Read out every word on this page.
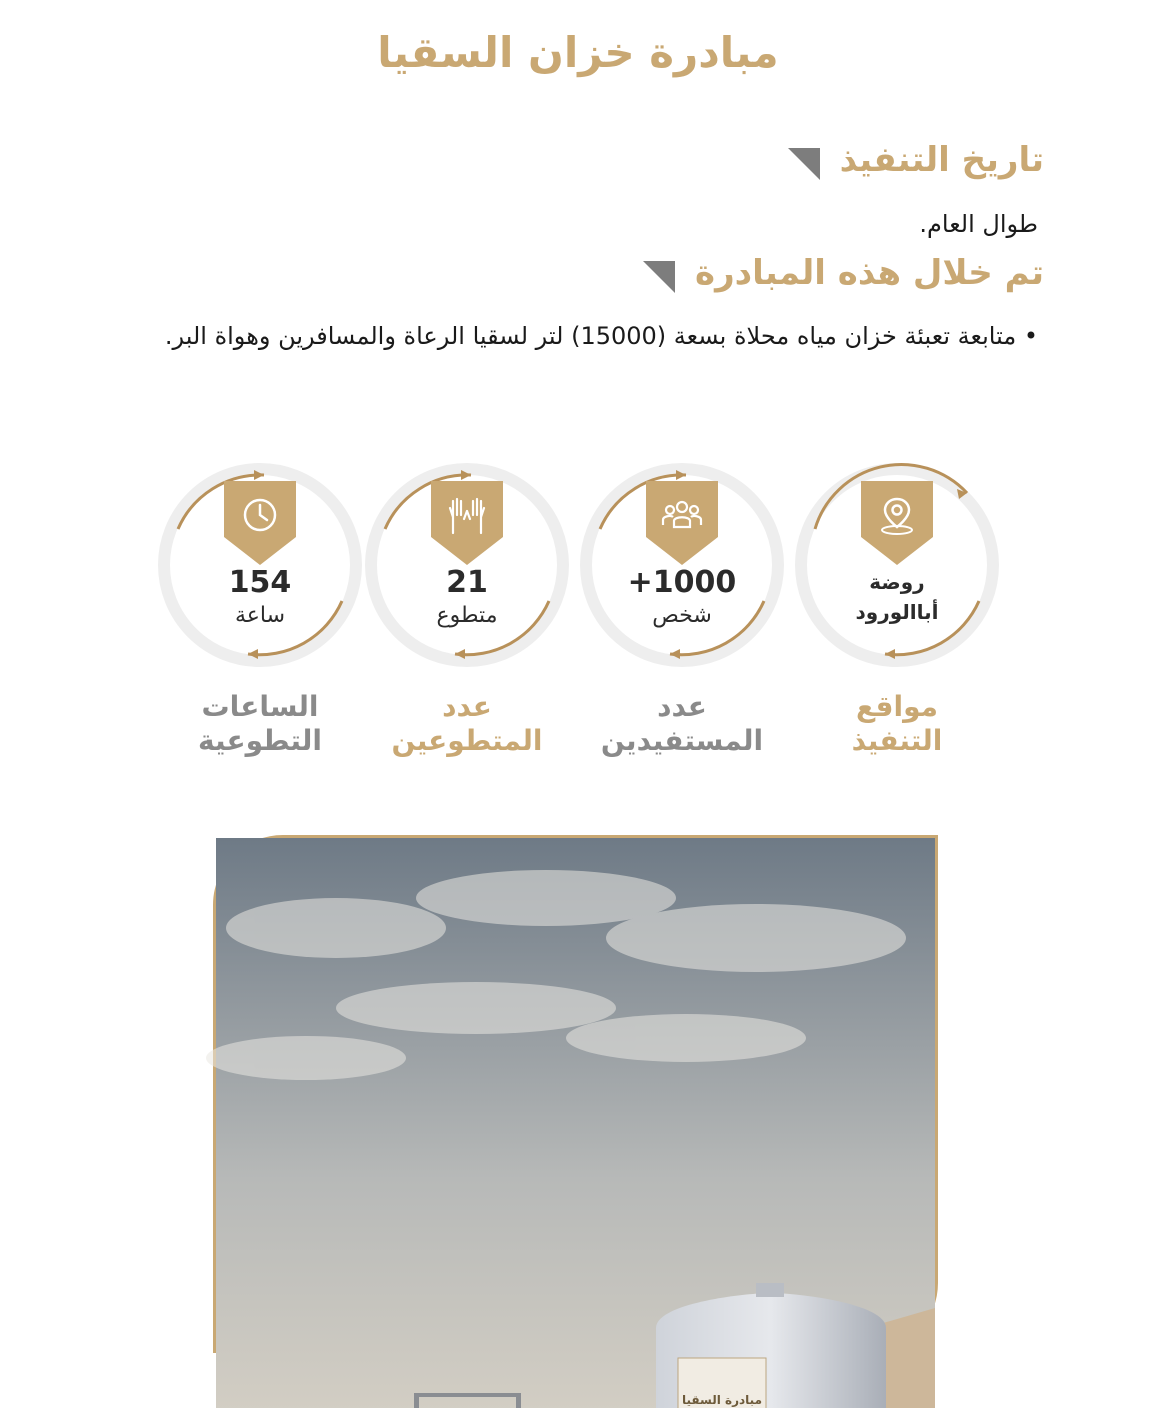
مبادرة خزان السقيا
تاريخ التنفيذ
طوال العام.
تم خلال هذه المبادرة
• متابعة تعبئة خزان مياه محلاة بسعة (15000) لتر لسقيا الرعاة والمسافرين وهواة البر.
روضة
أباالورود
+1000
شخص
21
متطوع
154
ساعة
مواقع
التنفيذ
عدد
المستفيدين
عدد
المتطوعين
الساعات
التطوعية
مبادرة السقيا
